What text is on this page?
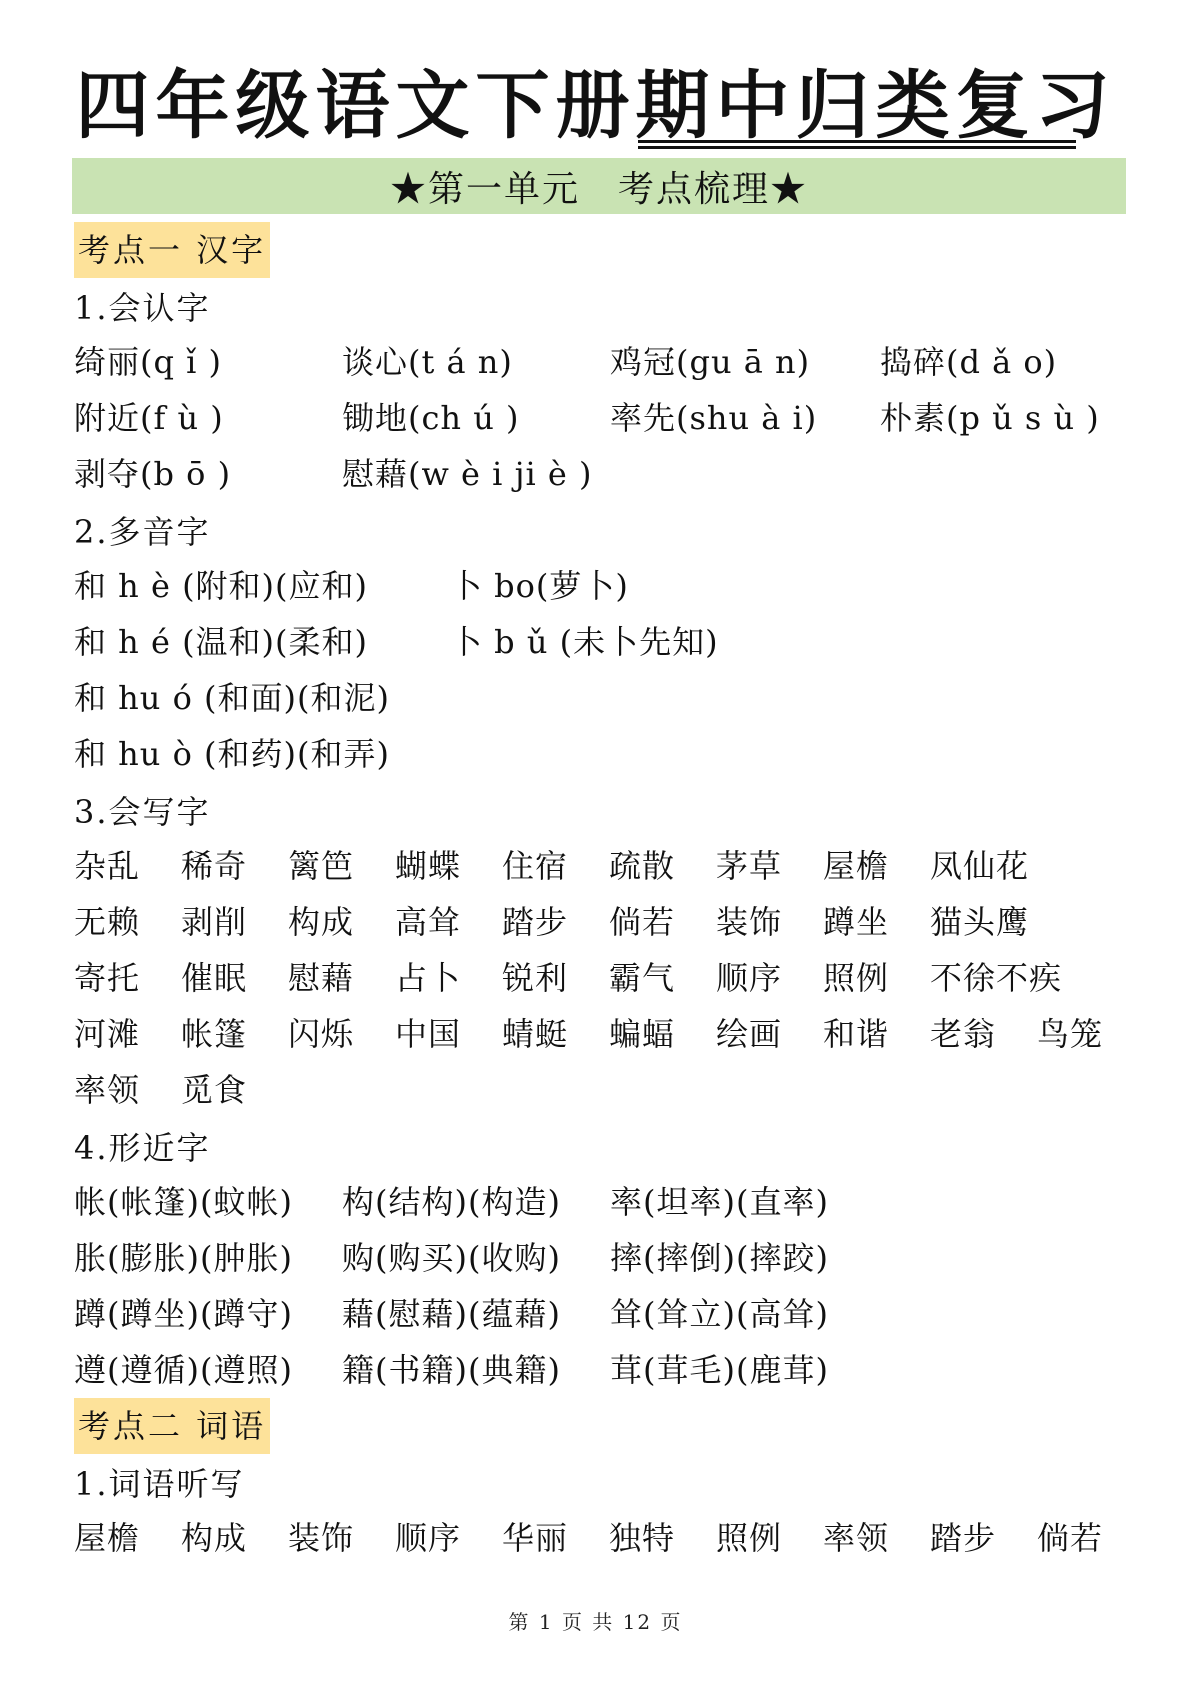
四年级语文下册期中归类复习
★第一单元　考点梳理★
考点一 汉字
1.会认字
绮丽(q ǐ )	谈心(t á n)	鸡冠(gu ā n) 捣碎(d ǎ o)
附近(f ù )	锄地(ch ú )	率先(shu à i) 朴素(p ǔ s ù )
剥夺(b ō )	慰藉(w è i ji è )
2.多音字
和 h è (附和)(应和)	卜 bo(萝卜)
和 h é (温和)(柔和)	卜 b ǔ (未卜先知)
和 hu ó (和面)(和泥)
和 hu ò (和药)(和弄)
3.会写字
杂乱 稀奇 篱笆 蝴蝶 住宿 疏散 茅草 屋檐 凤仙花
无赖 剥削 构成 高耸 踏步 倘若 装饰 蹲坐 猫头鹰
寄托 催眠 慰藉 占卜 锐利 霸气 顺序 照例 不徐不疾
河滩 帐篷 闪烁 中国 蜻蜓 蝙蝠 绘画 和谐 老翁 鸟笼
率领 觅食
4.形近字
帐(帐篷)(蚊帐) 构(结构)(构造) 率(坦率)(直率)
胀(膨胀)(肿胀) 购(购买)(收购) 摔(摔倒)(摔跤)
蹲(蹲坐)(蹲守) 藉(慰藉)(蕴藉) 耸(耸立)(高耸)
遵(遵循)(遵照) 籍(书籍)(典籍) 茸(茸毛)(鹿茸)
考点二 词语
1.词语听写
屋檐 构成 装饰 顺序 华丽 独特 照例 率领 踏步 倘若
第 1 页 共 12 页
